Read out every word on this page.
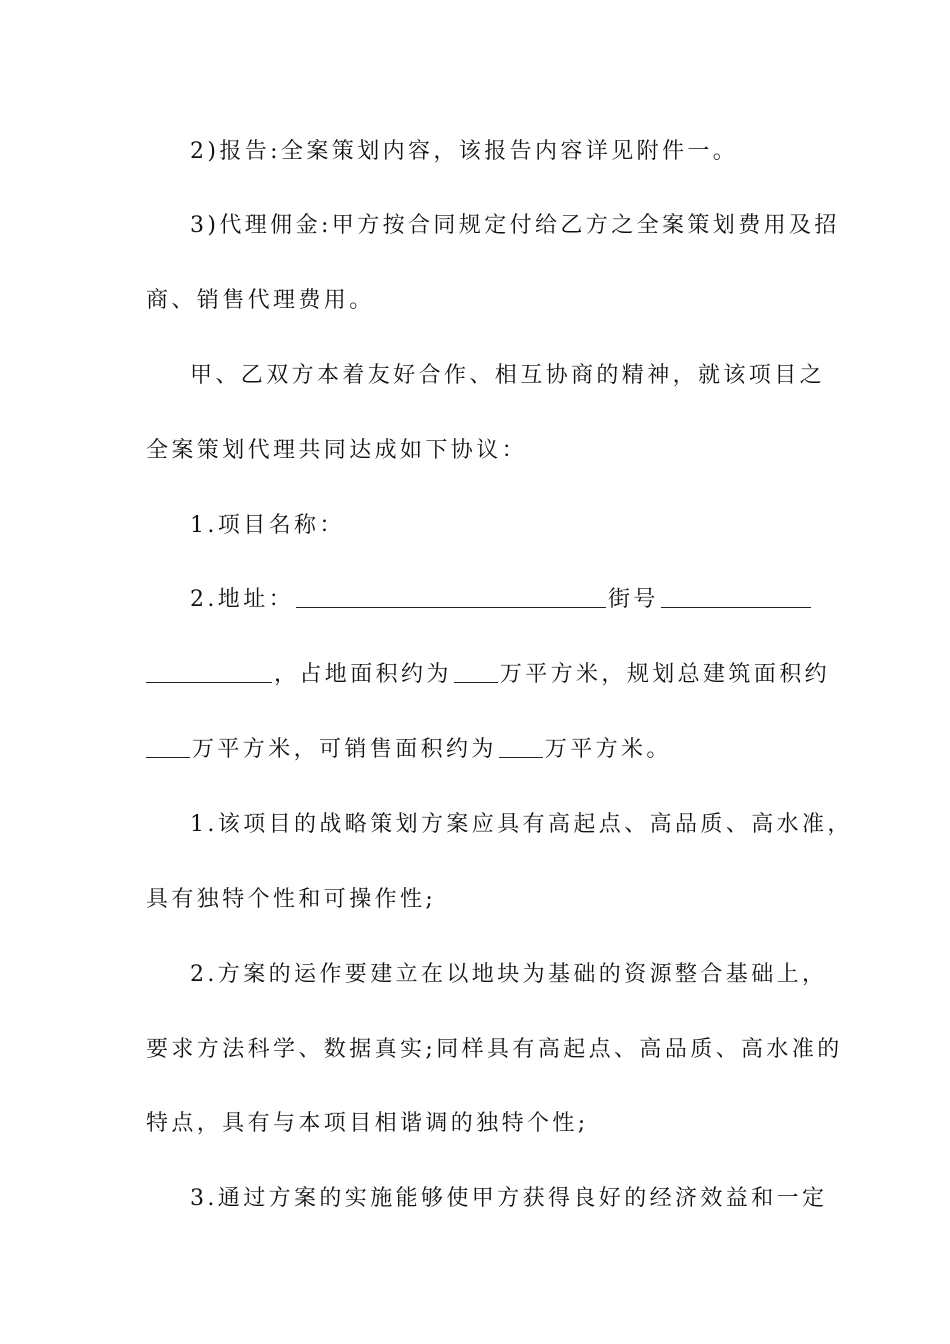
2)报告:全案策划内容，该报告内容详见附件一。
3)代理佣金:甲方按合同规定付给乙方之全案策划费用及招
商、销售代理费用。
甲、乙双方本着友好合作、相互协商的精神，就该项目之
全案策划代理共同达成如下协议：
1.项目名称：
2.地址：	街号
，占地面积约为 万平方米，规划总建筑面积约
万平方米，可销售面积约为 万平方米。
1.该项目的战略策划方案应具有高起点、高品质、高水准，
具有独特个性和可操作性;
2.方案的运作要建立在以地块为基础的资源整合基础上，
要求方法科学、数据真实;同样具有高起点、高品质、高水准的
特点，具有与本项目相谐调的独特个性;
3.通过方案的实施能够使甲方获得良好的经济效益和一定
